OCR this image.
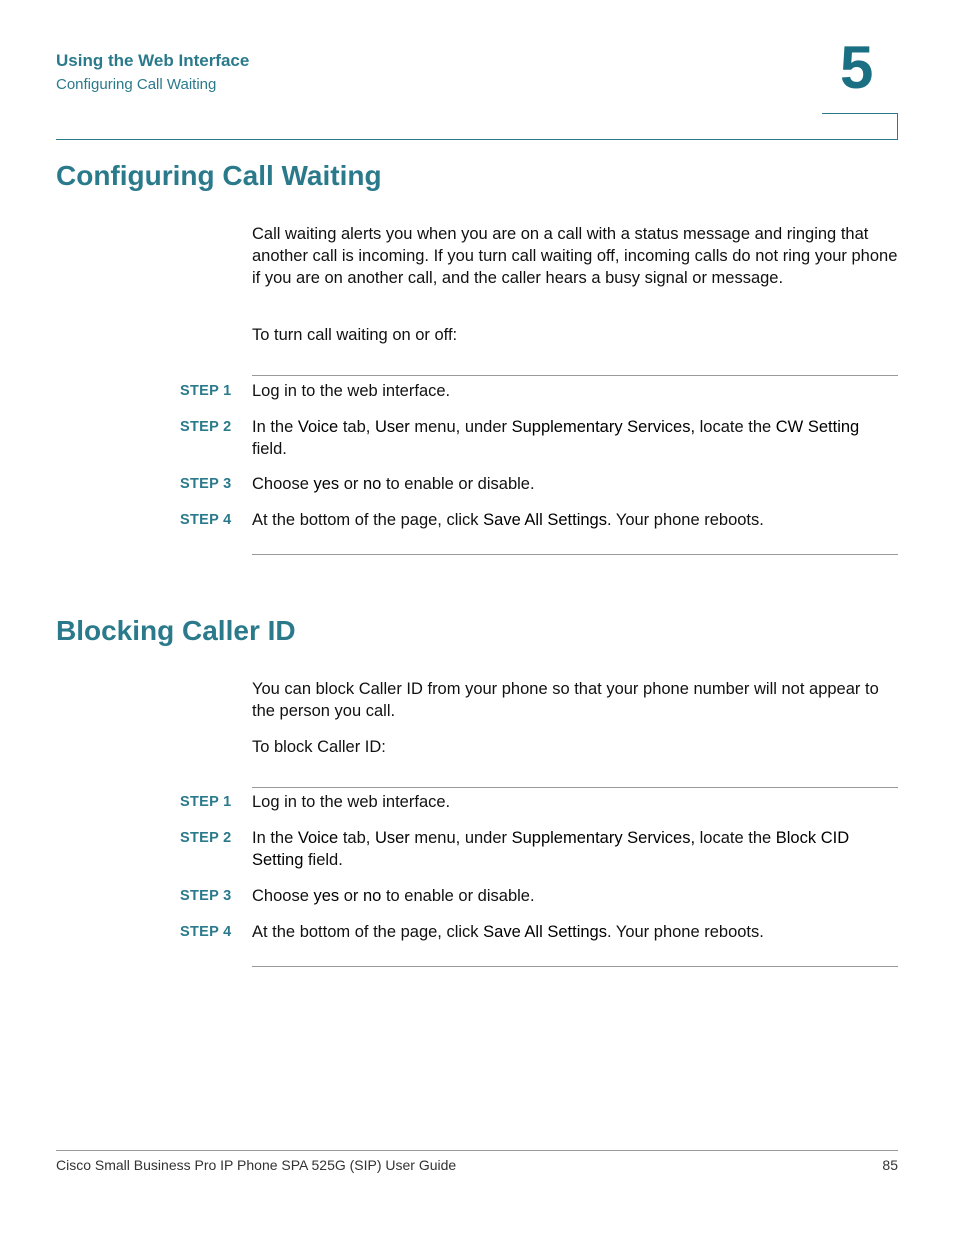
Using the Web Interface
Configuring Call Waiting	5
Configuring Call Waiting
Call waiting alerts you when you are on a call with a status message and ringing that another call is incoming. If you turn call waiting off, incoming calls do not ring your phone if you are on another call, and the caller hears a busy signal or message.
To turn call waiting on or off:
STEP 1 Log in to the web interface.
STEP 2 In the Voice tab, User menu, under Supplementary Services, locate the CW Setting field.
STEP 3 Choose yes or no to enable or disable.
STEP 4 At the bottom of the page, click Save All Settings. Your phone reboots.
Blocking Caller ID
You can block Caller ID from your phone so that your phone number will not appear to the person you call.
To block Caller ID:
STEP 1 Log in to the web interface.
STEP 2 In the Voice tab, User menu, under Supplementary Services, locate the Block CID Setting field.
STEP 3 Choose yes or no to enable or disable.
STEP 4 At the bottom of the page, click Save All Settings. Your phone reboots.
Cisco Small Business Pro IP Phone SPA 525G (SIP) User Guide	85
